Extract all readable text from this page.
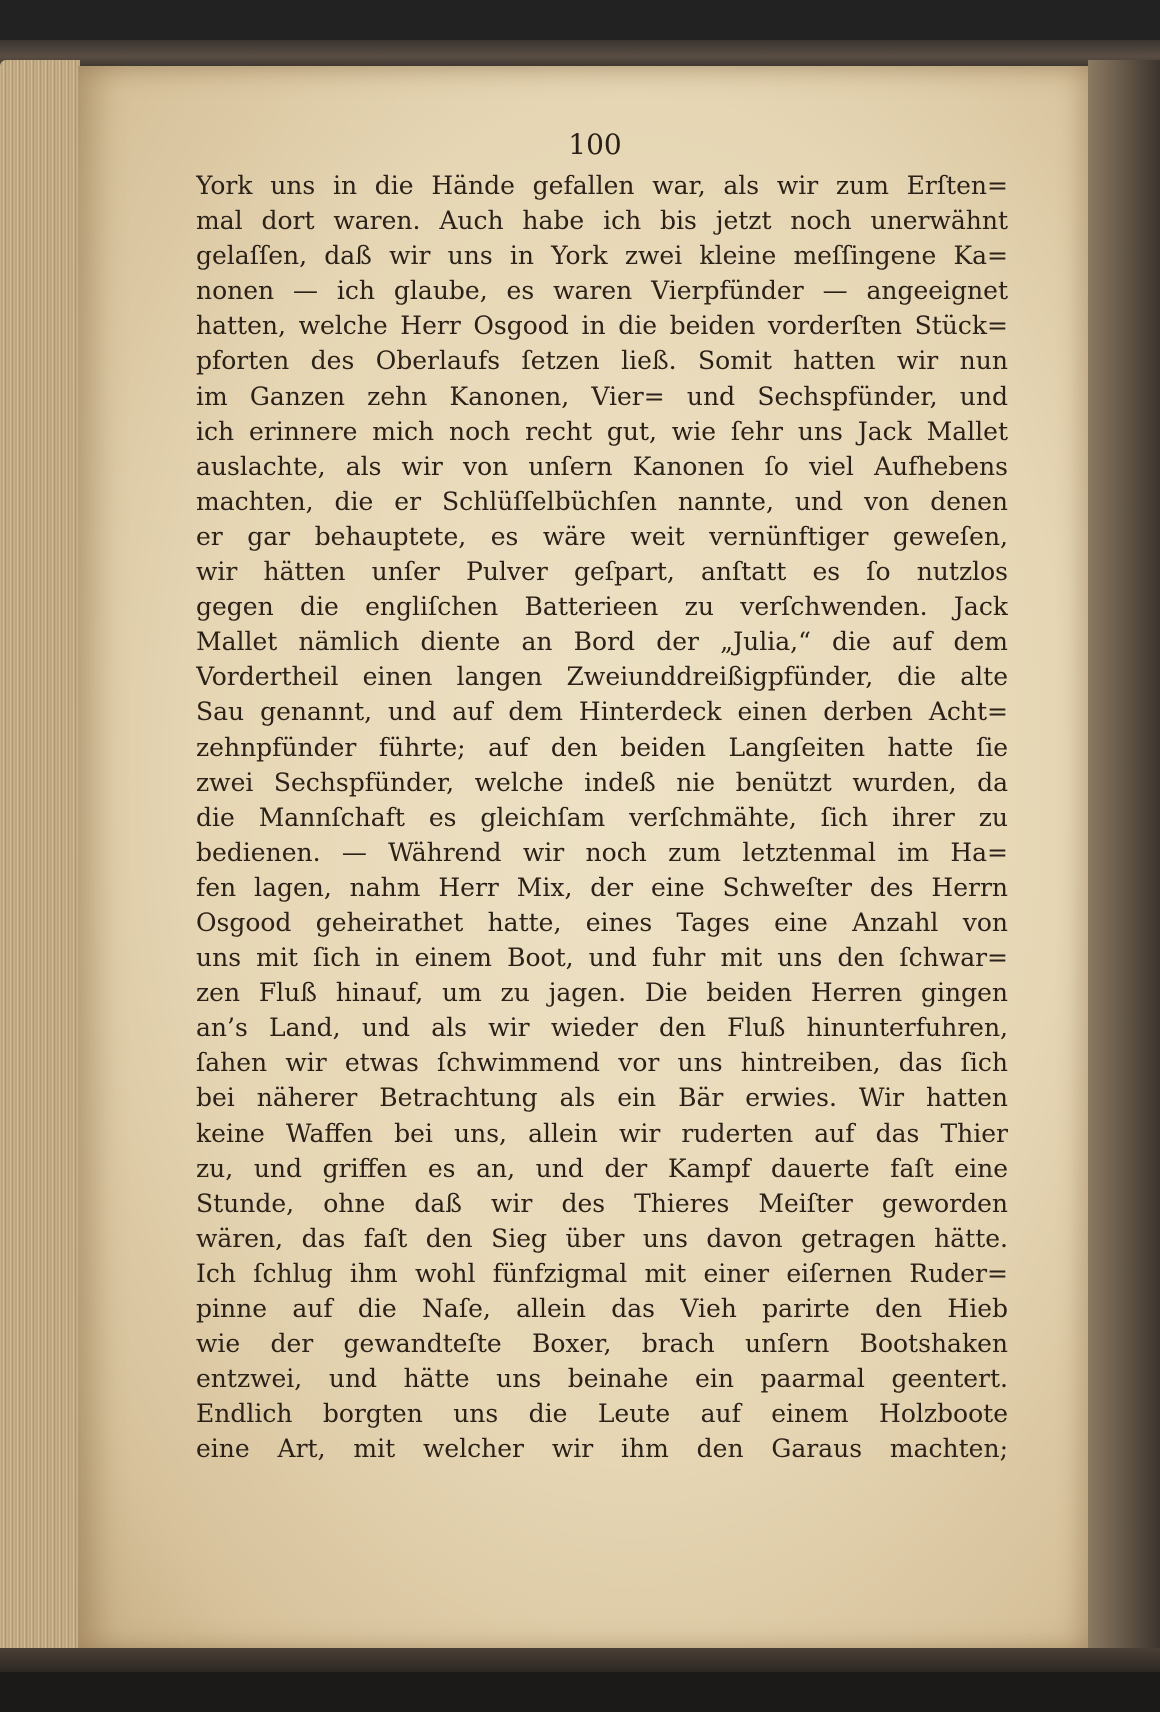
100
York uns in die Hände gefallen war, als wir zum Erſten=
mal dort waren. Auch habe ich bis jetzt noch unerwähnt
gelaſſen, daß wir uns in York zwei kleine meſſingene Ka=
nonen — ich glaube, es waren Vierpfünder — angeeignet
hatten, welche Herr Osgood in die beiden vorderſten Stück=
pforten des Oberlaufs ſetzen ließ. Somit hatten wir nun
im Ganzen zehn Kanonen, Vier= und Sechspfünder, und
ich erinnere mich noch recht gut, wie ſehr uns Jack Mallet
auslachte, als wir von unſern Kanonen ſo viel Aufhebens
machten, die er Schlüſſelbüchſen nannte, und von denen
er gar behauptete, es wäre weit vernünftiger geweſen,
wir hätten unſer Pulver geſpart, anſtatt es ſo nutzlos
gegen die engliſchen Batterieen zu verſchwenden. Jack
Mallet nämlich diente an Bord der „Julia,“ die auf dem
Vordertheil einen langen Zweiunddreißigpfünder, die alte
Sau genannt, und auf dem Hinterdeck einen derben Acht=
zehnpfünder führte; auf den beiden Langſeiten hatte ſie
zwei Sechspfünder, welche indeß nie benützt wurden, da
die Mannſchaft es gleichſam verſchmähte, ſich ihrer zu
bedienen. — Während wir noch zum letztenmal im Ha=
fen lagen, nahm Herr Mix, der eine Schweſter des Herrn
Osgood geheirathet hatte, eines Tages eine Anzahl von
uns mit ſich in einem Boot, und fuhr mit uns den ſchwar=
zen Fluß hinauf, um zu jagen. Die beiden Herren gingen
an’s Land, und als wir wieder den Fluß hinunterfuhren,
ſahen wir etwas ſchwimmend vor uns hintreiben, das ſich
bei näherer Betrachtung als ein Bär erwies. Wir hatten
keine Waffen bei uns, allein wir ruderten auf das Thier
zu, und griffen es an, und der Kampf dauerte faſt eine
Stunde, ohne daß wir des Thieres Meiſter geworden
wären, das faſt den Sieg über uns davon getragen hätte.
Ich ſchlug ihm wohl fünfzigmal mit einer eiſernen Ruder=
pinne auf die Naſe, allein das Vieh parirte den Hieb
wie der gewandteſte Boxer, brach unſern Bootshaken
entzwei, und hätte uns beinahe ein paarmal geentert.
Endlich borgten uns die Leute auf einem Holzboote
eine Art, mit welcher wir ihm den Garaus machten;
